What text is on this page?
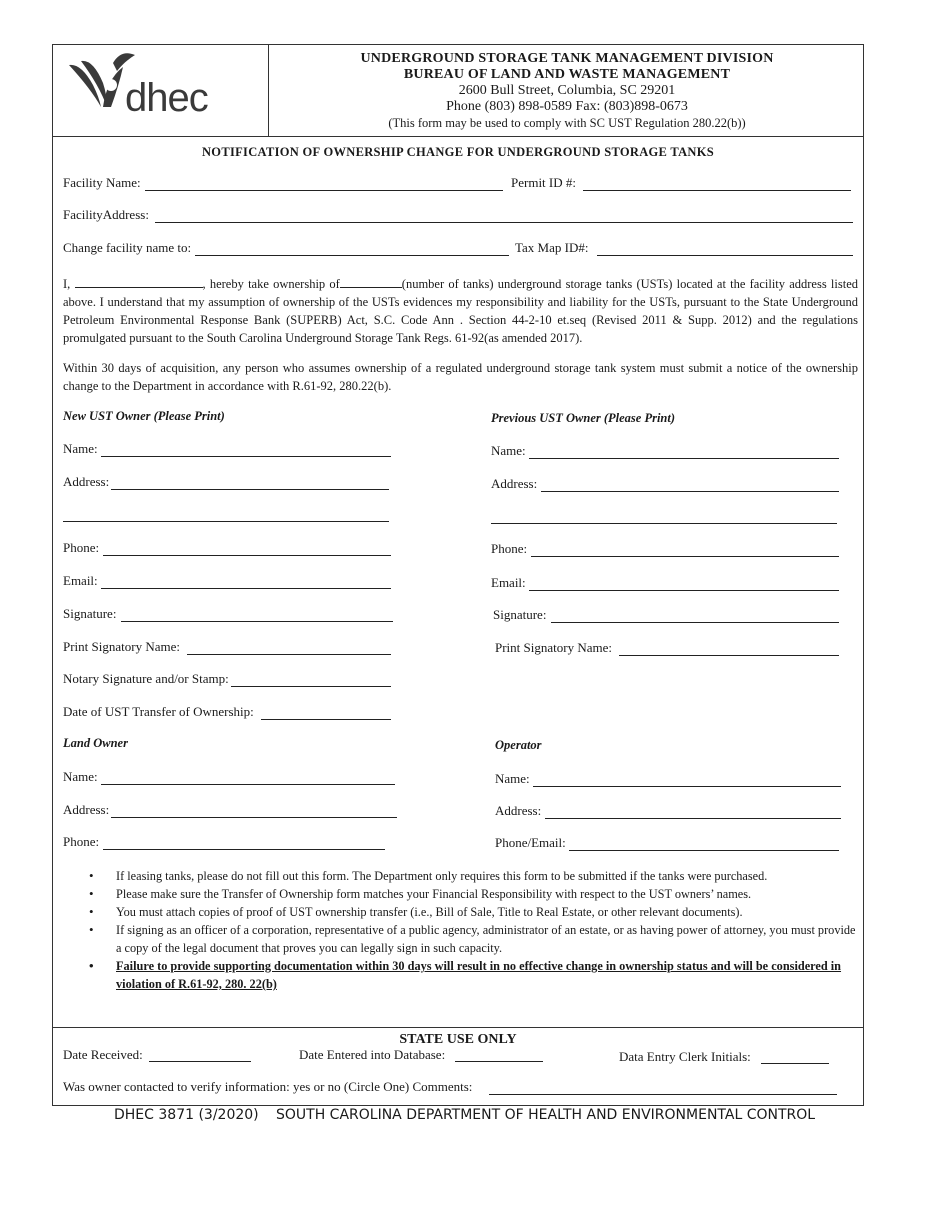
dhec
UNDERGROUND STORAGE TANK MANAGEMENT DIVISION
BUREAU OF LAND AND WASTE MANAGEMENT
2600 Bull Street, Columbia, SC 29201
Phone (803) 898-0589 Fax: (803)898-0673
(This form may be used to comply with SC UST Regulation 280.22(b))
NOTIFICATION OF OWNERSHIP CHANGE FOR UNDERGROUND STORAGE TANKS
Facility Name:	Permit ID #:
FacilityAddress:
Change facility name to:	Tax Map ID#:
I,	, hereby take ownership of	(number of tanks) underground storage tanks (USTs) located at the facility address listed above. I understand that my assumption of ownership of the USTs evidences my responsibility and liability for the USTs, pursuant to the State Underground Petroleum Environmental Response Bank (SUPERB) Act, S.C. Code Ann . Section 44-2-10 et.seq (Revised 2011 & Supp. 2012) and the regulations promulgated pursuant to the South Carolina Underground Storage Tank Regs. 61-92(as amended 2017).
Within 30 days of acquisition, any person who assumes ownership of a regulated underground storage tank system must submit a notice of the ownership change to the Department in accordance with R.61-92, 280.22(b).
New UST Owner (Please Print)	Previous UST Owner (Please Print)
Name:	Name:
Address:	Address:
Phone:	Phone:
Email:	Email:
Signature:	Signature:
Print Signatory Name:	Print Signatory Name:
Notary Signature and/or Stamp:
Date of UST Transfer of Ownership:
Land Owner	Operator
Name:	Name:
Address:	Address:
Phone:	Phone/Email:
• If leasing tanks, please do not fill out this form. The Department only requires this form to be submitted if the tanks were purchased.
• Please make sure the Transfer of Ownership form matches your Financial Responsibility with respect to the UST owners’ names.
• You must attach copies of proof of UST ownership transfer (i.e., Bill of Sale, Title to Real Estate, or other relevant documents).
• If signing as an officer of a corporation, representative of a public agency, administrator of an estate, or as having power of attorney, you must provide a copy of the legal document that proves you can legally sign in such capacity.
• Failure to provide supporting documentation within 30 days will result in no effective change in ownership status and will be considered in violation of R.61-92, 280. 22(b)
STATE USE ONLY
Date Received:	Date Entered into Database:	Data Entry Clerk Initials:
Was owner contacted to verify information: yes or no (Circle One) Comments:
DHEC 3871 (3/2020) SOUTH CAROLINA DEPARTMENT OF HEALTH AND ENVIRONMENTAL CONTROL
